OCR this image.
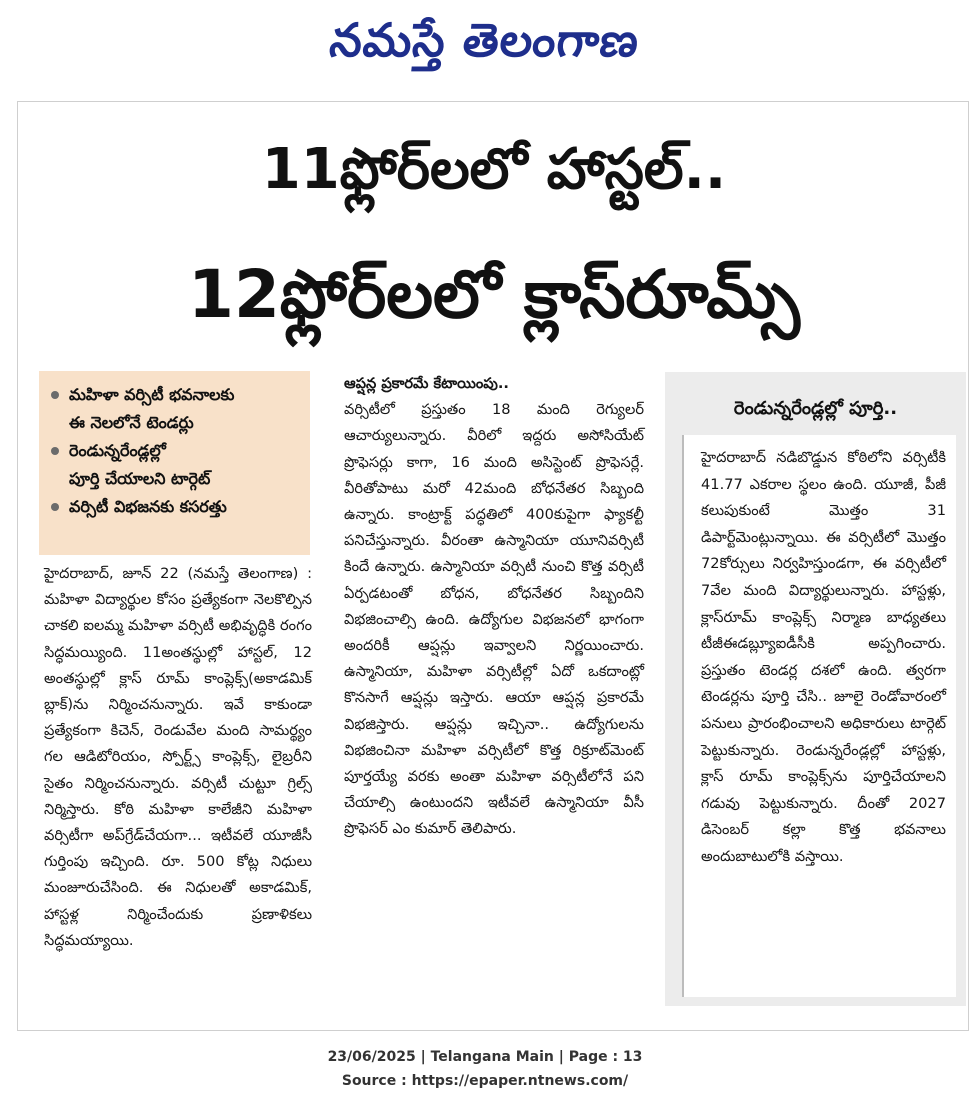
నమస్తే తెలంగాణ
11ఫ్లోర్‌లలో హాస్టల్..
12ఫ్లోర్‌లలో క్లాస్‌రూమ్స్
మహిళా వర్సిటీ భవనాలకు
ఈ నెలలోనే టెండర్లు
రెండున్నరేండ్లల్లో
పూర్తి చేయాలని టార్గెట్
వర్సిటీ విభజనకు కసరత్తు

హైదరాబాద్, జూన్ 22 (నమస్తే తెలంగాణ) : మహిళా విద్యార్థుల కోసం ప్రత్యేకంగా నెలకొల్పిన చాకలి ఐలమ్మ మహిళా వర్సిటీ అభివృద్ధికి రంగం సిద్ధమయ్యింది. 11అంతస్థుల్లో హాస్టల్, 12 అంతస్థుల్లో క్లాస్ రూమ్ కాంప్లెక్స్(అకాడమిక్ బ్లాక్)ను నిర్మించనున్నారు. ఇవే కాకుండా ప్రత్యేకంగా కిచెన్, రెండువేల మంది సామర్థ్యం గల ఆడిటోరియం, స్పోర్ట్స్ కాంప్లెక్స్, లైబ్రరీని సైతం నిర్మించనున్నారు. వర్సిటీ చుట్టూ గ్రిల్స్ నిర్మిస్తారు. కోఠి మహిళా కాలేజీని మహిళా వర్సిటీగా అప్‌గ్రేడ్‌చేయగా... ఇటీవలే యూజీసీ గుర్తింపు ఇచ్చింది. రూ. 500 కోట్ల నిధులు మంజూరుచేసింది. ఈ నిధులతో అకాడమిక్, హాస్టళ్ల నిర్మించేందుకు ప్రణాళికలు సిద్ధమయ్యాయి.

ఆప్షన్ల ప్రకారమే కేటాయింపు..

వర్సిటీలో ప్రస్తుతం 18 మంది రెగ్యులర్ ఆచార్యులున్నారు. వీరిలో ఇద్దరు అసోసియేట్ ప్రొఫెసర్లు కాగా, 16 మంది అసిస్టెంట్ ప్రొఫెసర్లే. వీరితోపాటు మరో 42మంది బోధనేతర సిబ్బంది ఉన్నారు. కాంట్రాక్ట్ పద్ధతిలో 400కుపైగా ఫ్యాకల్టీ పనిచేస్తున్నారు. వీరంతా ఉస్మానియా యూనివర్సిటీ కిందే ఉన్నారు. ఉస్మానియా వర్సిటీ నుంచి కొత్త వర్సిటీ ఏర్పడటంతో బోధన, బోధనేతర సిబ్బందిని విభజించాల్సి ఉంది. ఉద్యోగుల విభజనలో భాగంగా అందరికీ ఆప్షన్లు ఇవ్వాలని నిర్ణయించారు. ఉస్మానియా, మహిళా వర్సిటీల్లో ఏదో ఒకదాంట్లో కొనసాగే ఆప్షన్లు ఇస్తారు. ఆయా ఆప్షన్ల ప్రకారమే విభజిస్తారు. ఆప్షన్లు ఇచ్చినా.. ఉద్యోగులను విభజించినా మహిళా వర్సిటీలో కొత్త రిక్రూట్‌మెంట్ పూర్తయ్యే వరకు అంతా మహిళా వర్సిటీలోనే పని చేయాల్సి ఉంటుందని ఇటీవలే ఉస్మానియా వీసీ ప్రొఫెసర్ ఎం కుమార్ తెలిపారు.

రెండున్నరేండ్లల్లో పూర్తి..
హైదరాబాద్ నడిబొడ్డున కోఠిలోని వర్సిటీకి 41.77 ఎకరాల స్థలం ఉంది. యూజీ, పీజీ కలుపుకుంటే మొత్తం 31 డిపార్ట్‌మెంట్లున్నాయి. ఈ వర్సిటీలో మొత్తం 72కోర్సులు నిర్వహిస్తుండగా, ఈ వర్సిటీలో 7వేల మంది విద్యార్థులున్నారు. హాస్టళ్లు, క్లాస్‌రూమ్ కాంప్లెక్స్ నిర్మాణ బాధ్యతలు టీజీఈడబ్ల్యూఐడీసీకి అప్పగించారు. ప్రస్తుతం టెండర్ల దశలో ఉంది. త్వరగా టెండర్లను పూర్తి చేసి.. జూలై రెండోవారంలో పనులు ప్రారంభించాలని అధికారులు టార్గెట్ పెట్టుకున్నారు. రెండున్నరేండ్లల్లో హాస్టళ్లు, క్లాస్ రూమ్ కాంప్లెక్స్‌ను పూర్తిచేయాలని గడువు పెట్టుకున్నారు. దీంతో 2027 డిసెంబర్ కల్లా కొత్త భవనాలు అందుబాటులోకి వస్తాయి.
23/06/2025 | Telangana Main | Page : 13
Source : https://epaper.ntnews.com/
